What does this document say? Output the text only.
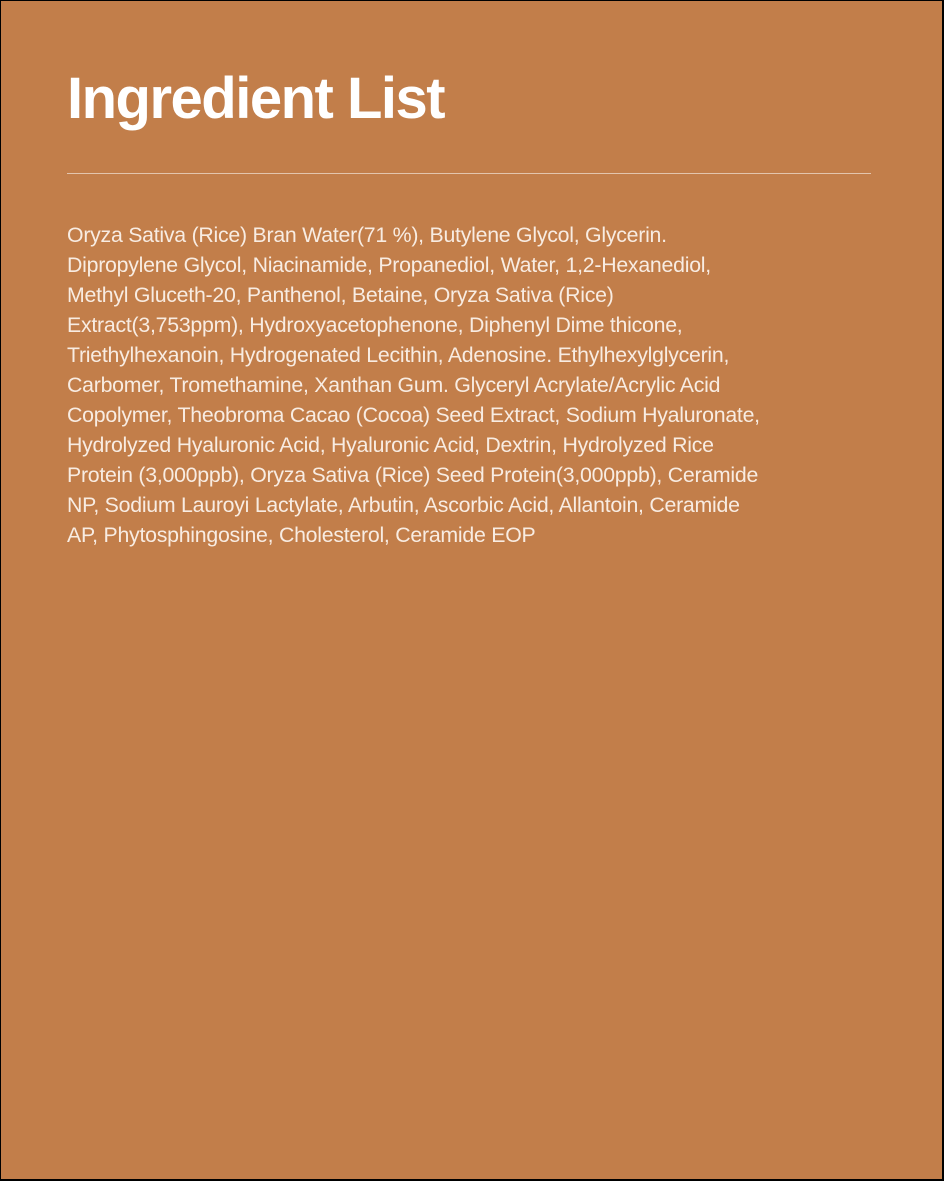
Ingredient List

Oryza Sativa (Rice) Bran Water(71 %), Butylene Glycol, Glycerin.
Dipropylene Glycol, Niacinamide, Propanediol, Water, 1,2-Hexanediol,
Methyl Gluceth-20, Panthenol, Betaine, Oryza Sativa (Rice)
Extract(3,753ppm), Hydroxyacetophenone, Diphenyl Dime thicone,
Triethylhexanoin, Hydrogenated Lecithin, Adenosine. Ethylhexylglycerin,
Carbomer, Tromethamine, Xanthan Gum. Glyceryl Acrylate/Acrylic Acid
Copolymer, Theobroma Cacao (Cocoa) Seed Extract, Sodium Hyaluronate,
Hydrolyzed Hyaluronic Acid, Hyaluronic Acid, Dextrin, Hydrolyzed Rice
Protein (3,000ppb), Oryza Sativa (Rice) Seed Protein(3,000ppb), Ceramide
NP, Sodium Lauroyi Lactylate, Arbutin, Ascorbic Acid, Allantoin, Ceramide
AP, Phytosphingosine, Cholesterol, Ceramide EOP
